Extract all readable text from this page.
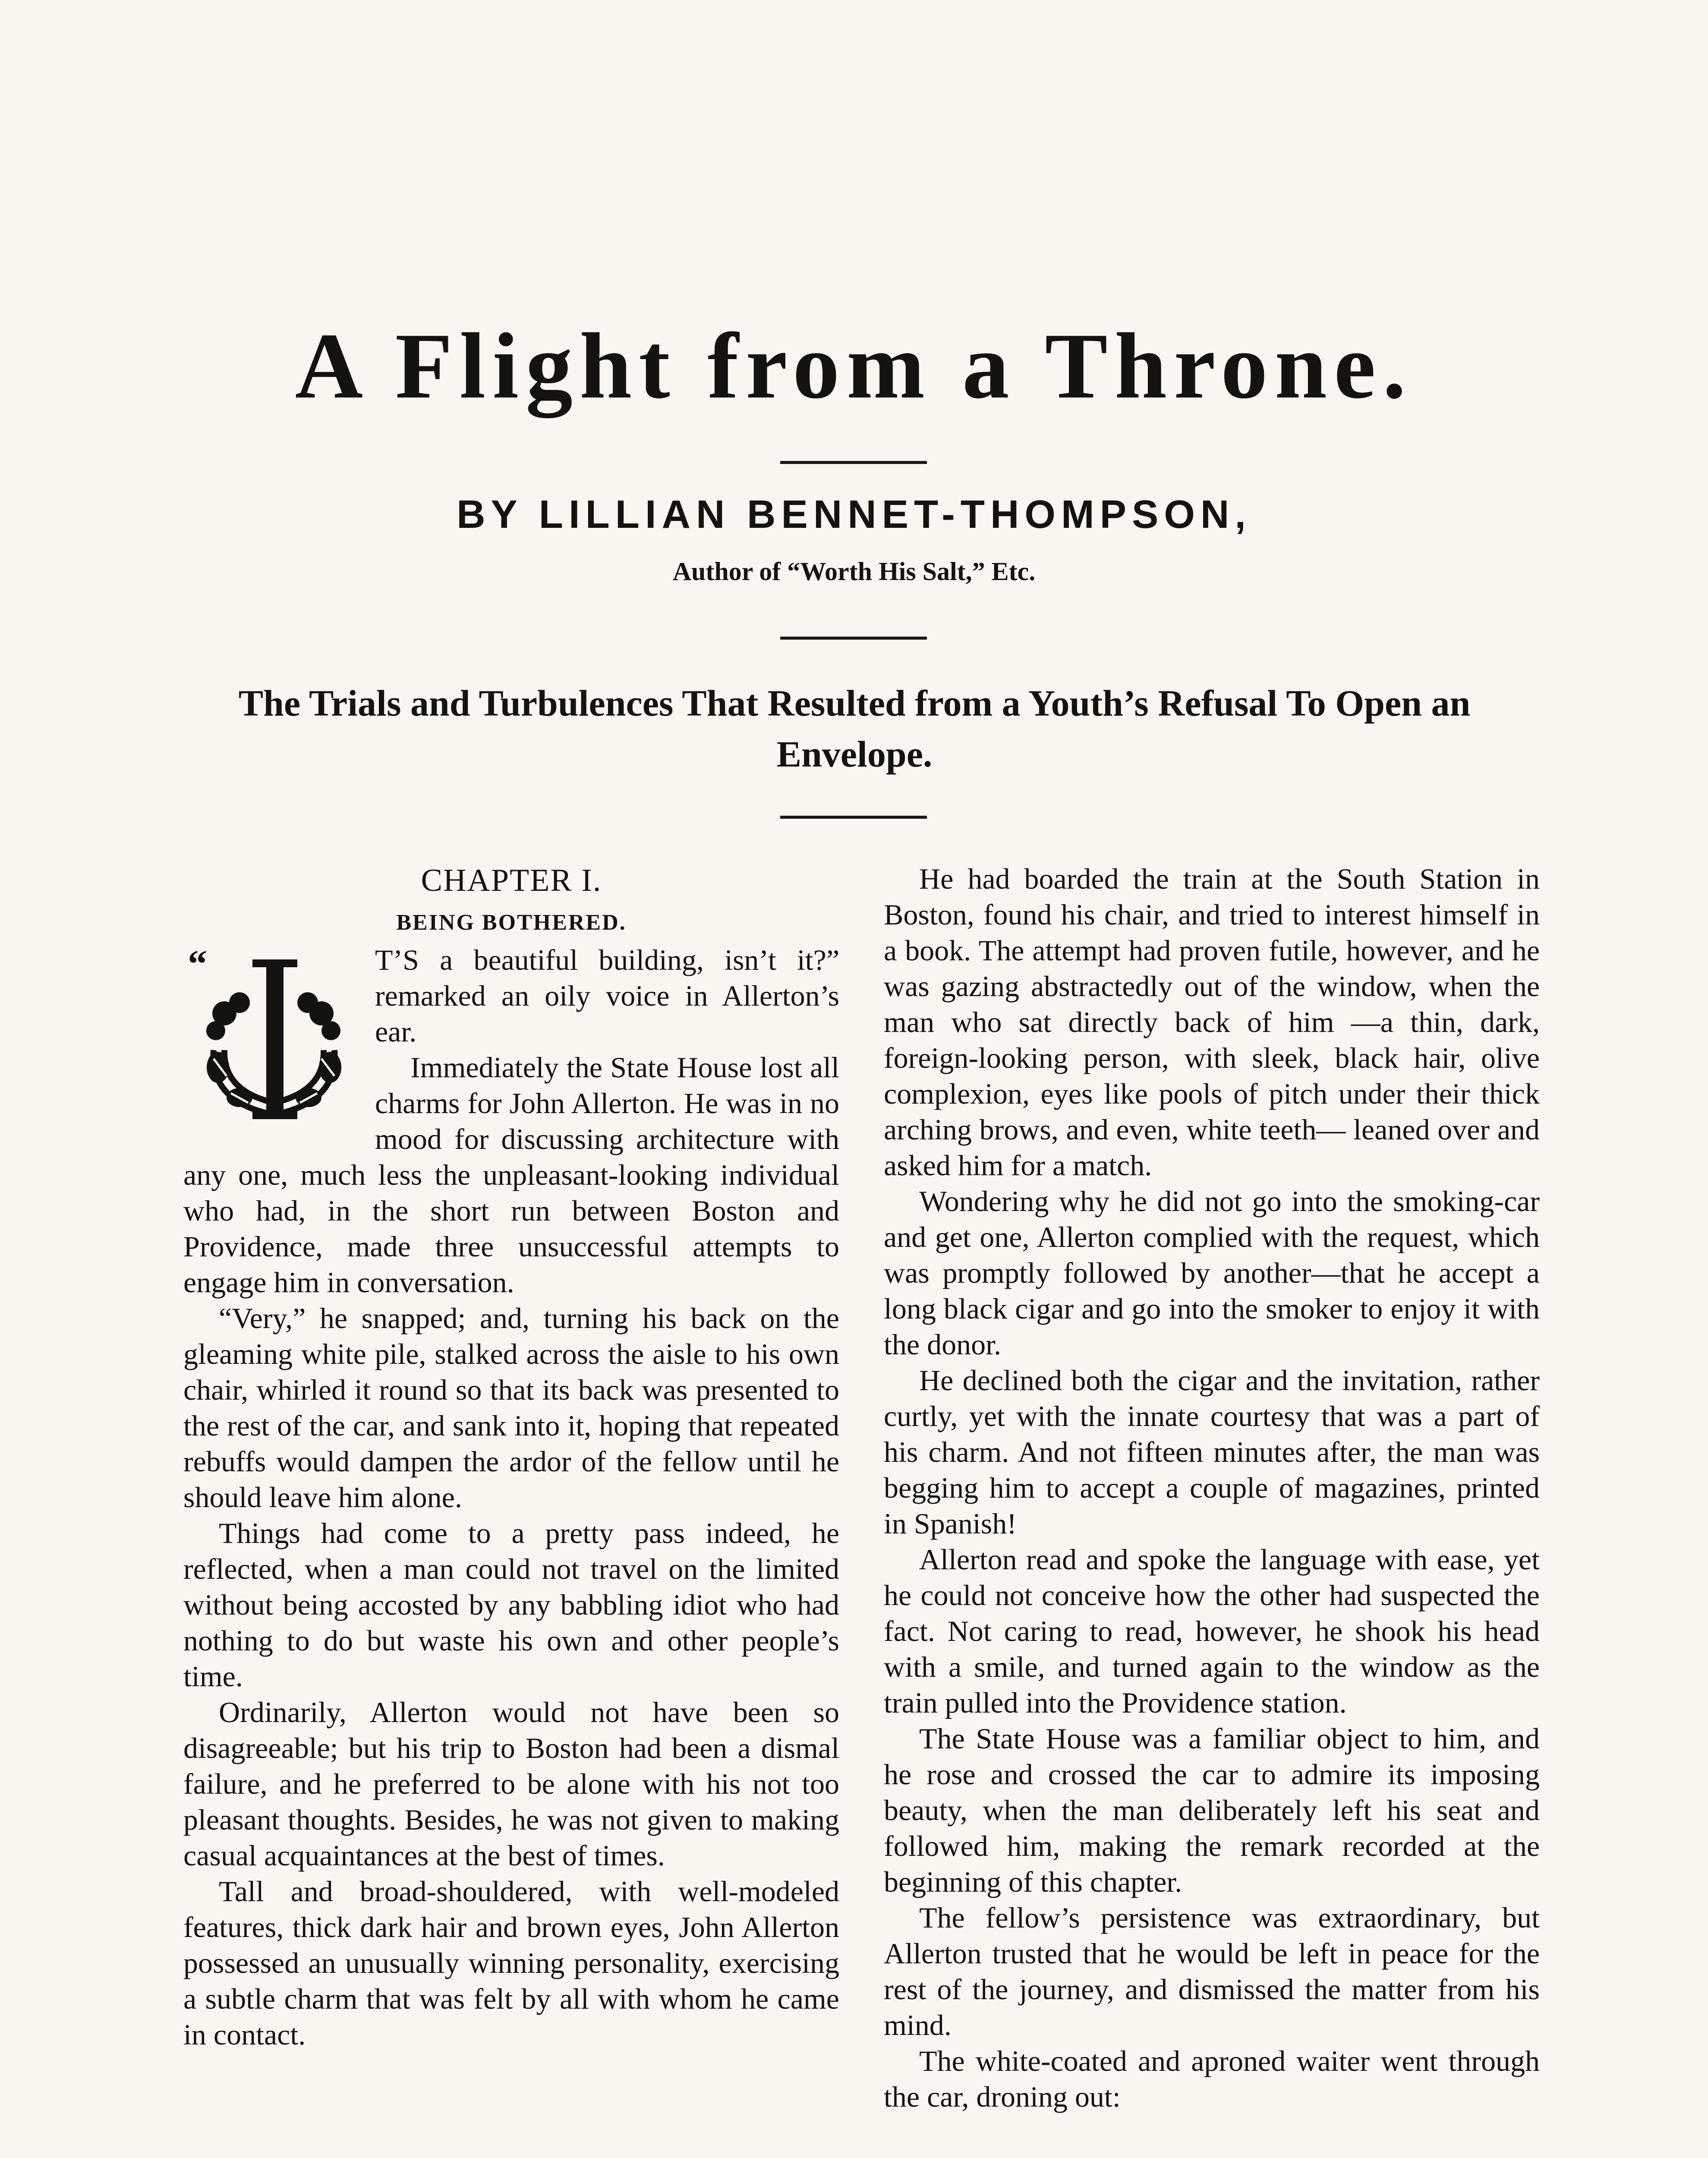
A Flight from a Throne.
BY LILLIAN BENNET-THOMPSON,
Author of “Worth His Salt,” Etc.
The Trials and Turbulences That Resulted from a Youth’s Refusal To Open an Envelope.
CHAPTER I.
BEING BOTHERED.
“
I

T’S a beautiful building, isn’t it?” remarked an oily voice in Allerton’s ear.

Immediately the State House lost all charms for John Allerton. He was in no mood for discussing architecture with any one, much less the unpleasant-looking individual who had, in the short run between Boston and Providence, made three unsuccessful attempts to engage him in conversation.

“Very,” he snapped; and, turning his back on the gleaming white pile, stalked across the aisle to his own chair, whirled it round so that its back was presented to the rest of the car, and sank into it, hoping that repeated rebuffs would dampen the ardor of the fellow until he should leave him alone.

Things had come to a pretty pass indeed, he reflected, when a man could not travel on the limited without being accosted by any babbling idiot who had nothing to do but waste his own and other people’s time.

Ordinarily, Allerton would not have been so disagreeable; but his trip to Boston had been a dismal failure, and he preferred to be alone with his not too pleasant thoughts. Besides, he was not given to making casual acquaintances at the best of times.

Tall and broad-shouldered, with well-modeled features, thick dark hair and brown eyes, John Allerton possessed an unusually winning personality, exercising a subtle charm that was felt by all with whom he came in contact.

He had boarded the train at the South Station in Boston, found his chair, and tried to interest himself in a book. The attempt had proven futile, however, and he was gazing abstractedly out of the window, when the man who sat directly back of him —a thin, dark, foreign-looking person, with sleek, black hair, olive complexion, eyes like pools of pitch under their thick arching brows, and even, white teeth— leaned over and asked him for a match.

Wondering why he did not go into the smoking-car and get one, Allerton complied with the request, which was promptly followed by another—that he accept a long black cigar and go into the smoker to enjoy it with the donor.

He declined both the cigar and the invitation, rather curtly, yet with the innate courtesy that was a part of his charm. And not fifteen minutes after, the man was begging him to accept a couple of magazines, printed in Spanish!

Allerton read and spoke the language with ease, yet he could not conceive how the other had suspected the fact. Not caring to read, however, he shook his head with a smile, and turned again to the window as the train pulled into the Providence station.

The State House was a familiar object to him, and he rose and crossed the car to admire its imposing beauty, when the man deliberately left his seat and followed him, making the remark recorded at the beginning of this chapter.

The fellow’s persistence was extraordinary, but Allerton trusted that he would be left in peace for the rest of the journey, and dismissed the matter from his mind.

The white-coated and aproned waiter went through the car, droning out:
